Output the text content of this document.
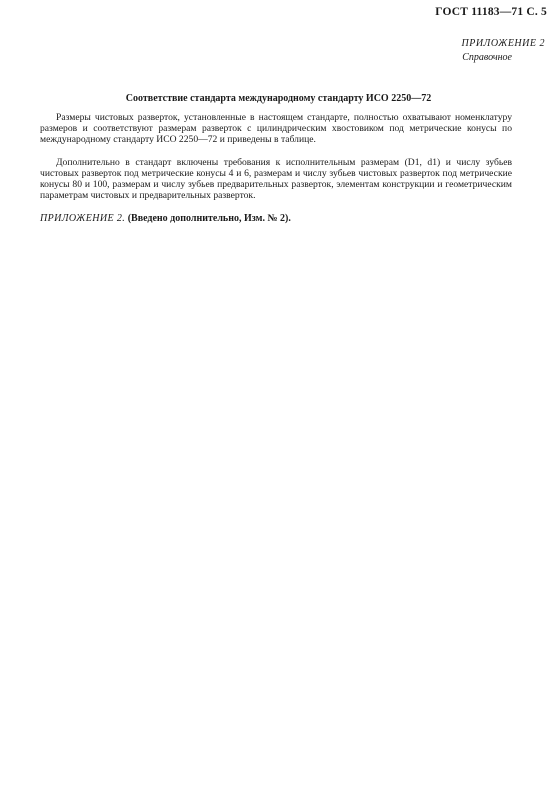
ГОСТ 11183—71 С. 5
ПРИЛОЖЕНИЕ 2
Справочное
Соответствие стандарта международному стандарту ИСО 2250—72

Размеры чистовых разверток, установленные в настоящем стандарте, полностью охватывают номенклатуру размеров и соответствуют размерам разверток с цилиндрическим хвостовиком под метрические конусы по международному стандарту ИСО 2250—72 и приведены в таблице.

Дополнительно в стандарт включены требования к исполнительным размерам (D1, d1) и числу зубьев чистовых разверток под метрические конусы 4 и 6, размерам и числу зубьев чистовых разверток под метрические конусы 80 и 100, размерам и числу зубьев предварительных разверток, элементам конструкции и геометрическим параметрам чистовых и предварительных разверток.

ПРИЛОЖЕНИЕ 2. (Введено дополнительно, Изм. № 2).
